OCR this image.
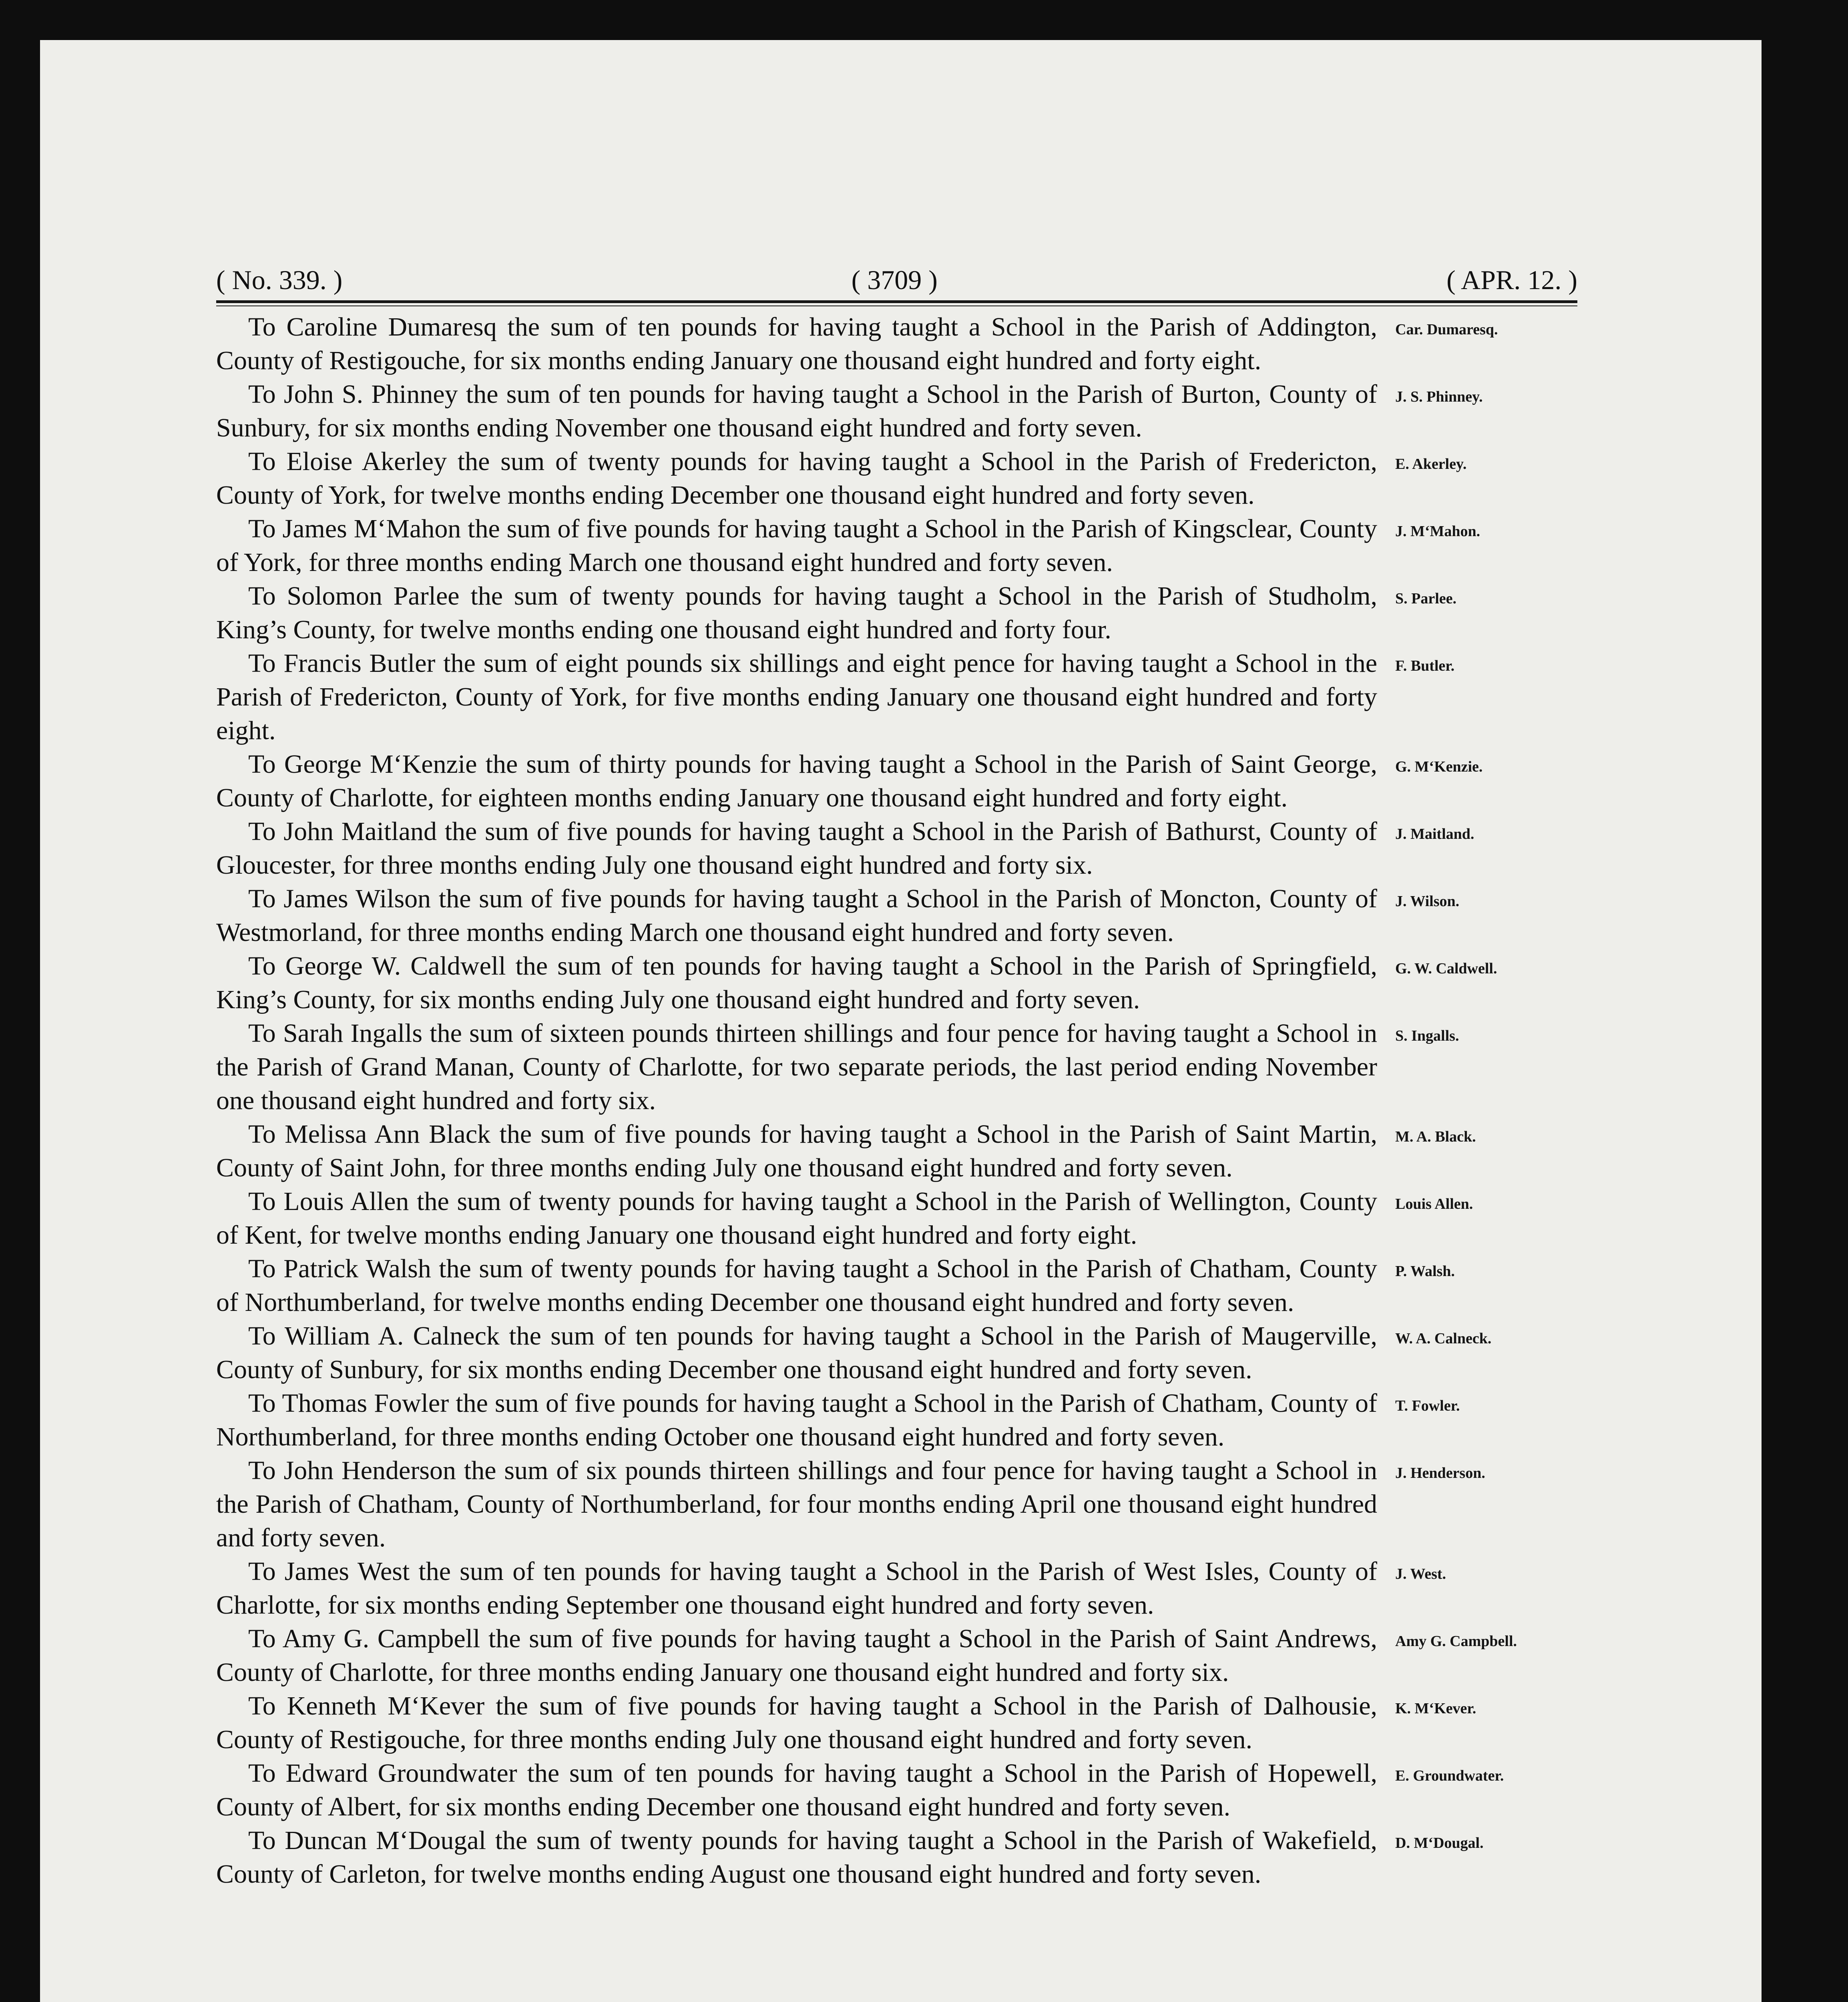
( No. 339. )	( 3709 )	( APR. 12. )

To Caroline Dumaresq the sum of ten pounds for having taught a School in the Parish of Addington, County of Restigouche, for six months ending January one thousand eight hundred and forty eight.
Car. Dumaresq.

To John S. Phinney the sum of ten pounds for having taught a School in the Parish of Burton, County of Sunbury, for six months ending November one thousand eight hundred and forty seven.
J. S. Phinney.

To Eloise Akerley the sum of twenty pounds for having taught a School in the Parish of Fredericton, County of York, for twelve months ending December one thousand eight hundred and forty seven.
E. Akerley.

To James M‘Mahon the sum of five pounds for having taught a School in the Parish of Kingsclear, County of York, for three months ending March one thousand eight hundred and forty seven.
J. M‘Mahon.

To Solomon Parlee the sum of twenty pounds for having taught a School in the Parish of Studholm, King’s County, for twelve months ending one thousand eight hundred and forty four.
S. Parlee.

To Francis Butler the sum of eight pounds six shillings and eight pence for having taught a School in the Parish of Fredericton, County of York, for five months ending January one thousand eight hundred and forty eight.
F. Butler.

To George M‘Kenzie the sum of thirty pounds for having taught a School in the Parish of Saint George, County of Charlotte, for eighteen months ending January one thousand eight hundred and forty eight.
G. M‘Kenzie.

To John Maitland the sum of five pounds for having taught a School in the Parish of Bathurst, County of Gloucester, for three months ending July one thousand eight hundred and forty six.
J. Maitland.

To James Wilson the sum of five pounds for having taught a School in the Parish of Moncton, County of Westmorland, for three months ending March one thousand eight hundred and forty seven.
J. Wilson.

To George W. Caldwell the sum of ten pounds for having taught a School in the Parish of Springfield, King’s County, for six months ending July one thousand eight hundred and forty seven.
G. W. Caldwell.

To Sarah Ingalls the sum of sixteen pounds thirteen shillings and four pence for having taught a School in the Parish of Grand Manan, County of Charlotte, for two separate periods, the last period ending November one thousand eight hundred and forty six.
S. Ingalls.

To Melissa Ann Black the sum of five pounds for having taught a School in the Parish of Saint Martin, County of Saint John, for three months ending July one thousand eight hundred and forty seven.
M. A. Black.

To Louis Allen the sum of twenty pounds for having taught a School in the Parish of Wellington, County of Kent, for twelve months ending January one thousand eight hundred and forty eight.
Louis Allen.

To Patrick Walsh the sum of twenty pounds for having taught a School in the Parish of Chatham, County of Northumberland, for twelve months ending December one thousand eight hundred and forty seven.
P. Walsh.

To William A. Calneck the sum of ten pounds for having taught a School in the Parish of Maugerville, County of Sunbury, for six months ending December one thousand eight hundred and forty seven.
W. A. Calneck.

To Thomas Fowler the sum of five pounds for having taught a School in the Parish of Chatham, County of Northumberland, for three months ending October one thousand eight hundred and forty seven.
T. Fowler.

To John Henderson the sum of six pounds thirteen shillings and four pence for having taught a School in the Parish of Chatham, County of Northumberland, for four months ending April one thousand eight hundred and forty seven.
J. Henderson.

To James West the sum of ten pounds for having taught a School in the Parish of West Isles, County of Charlotte, for six months ending September one thousand eight hundred and forty seven.
J. West.

To Amy G. Campbell the sum of five pounds for having taught a School in the Parish of Saint Andrews, County of Charlotte, for three months ending January one thousand eight hundred and forty six.
Amy G. Campbell.

To Kenneth M‘Kever the sum of five pounds for having taught a School in the Parish of Dalhousie, County of Restigouche, for three months ending July one thousand eight hundred and forty seven.
K. M‘Kever.

To Edward Groundwater the sum of ten pounds for having taught a School in the Parish of Hopewell, County of Albert, for six months ending December one thousand eight hundred and forty seven.
E. Groundwater.

To Duncan M‘Dougal the sum of twenty pounds for having taught a School in the Parish of Wakefield, County of Carleton, for twelve months ending August one thousand eight hundred and forty seven.
D. M‘Dougal.
